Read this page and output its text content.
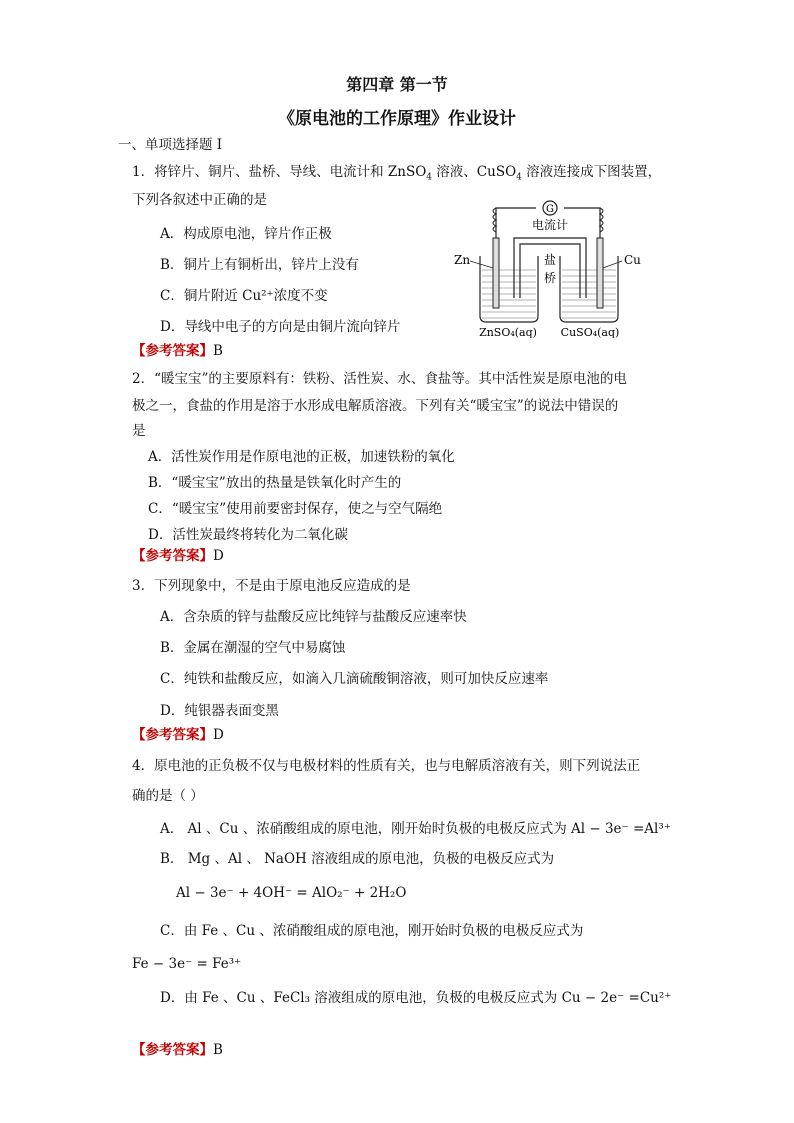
第四章 第一节
《原电池的工作原理》作业设计
一、单项选择题 I
1．将锌片、铜片、盐桥、导线、电流计和 ZnSO$_4$ 溶液、CuSO$_4$ 溶液连接成下图装置，
下列各叙述中正确的是
A．构成原电池，锌片作正极
B．铜片上有铜析出，锌片上没有
C．铜片附近 Cu²⁺浓度不变
D．导线中电子的方向是由铜片流向锌片
【参考答案】B
G
电流计
盐
桥
Zn	Cu
ZnSO₄(aq) CuSO₄(aq)
2．“暖宝宝”的主要原料有：铁粉、活性炭、水、食盐等。其中活性炭是原电池的电
极之一，食盐的作用是溶于水形成电解质溶液。下列有关“暖宝宝”的说法中错误的
是
A．活性炭作用是作原电池的正极，加速铁粉的氧化
B．“暖宝宝”放出的热量是铁氧化时产生的
C．“暖宝宝”使用前要密封保存，使之与空气隔绝
D．活性炭最终将转化为二氧化碳
【参考答案】D
3．下列现象中，不是由于原电池反应造成的是
A．含杂质的锌与盐酸反应比纯锌与盐酸反应速率快
B．金属在潮湿的空气中易腐蚀
C．纯铁和盐酸反应，如滴入几滴硫酸铜溶液，则可加快反应速率
D．纯银器表面变黑
【参考答案】D
4．原电池的正负极不仅与电极材料的性质有关，也与电解质溶液有关，则下列说法正
确的是（ ）
A． Al 、Cu 、浓硝酸组成的原电池，刚开始时负极的电极反应式为 Al − 3e⁻ =Al³⁺
B． Mg 、Al 、 NaOH 溶液组成的原电池，负极的电极反应式为
Al − 3e⁻ + 4OH⁻ = AlO₂⁻ + 2H₂O
C．由 Fe 、Cu 、浓硝酸组成的原电池，刚开始时负极的电极反应式为
Fe − 3e⁻ = Fe³⁺
D．由 Fe 、Cu 、FeCl₃ 溶液组成的原电池，负极的电极反应式为 Cu − 2e⁻ =Cu²⁺
【参考答案】B
